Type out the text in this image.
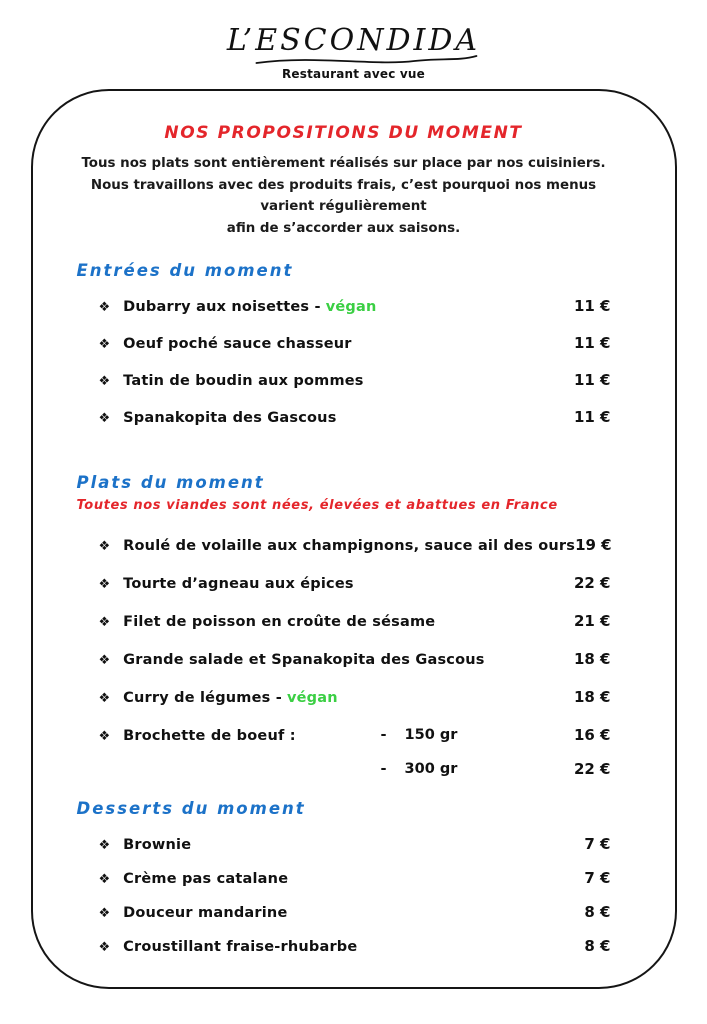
L’ESCONDIDA
Restaurant avec vue
NOS PROPOSITIONS DU MOMENT
Tous nos plats sont entièrement réalisés sur place par nos cuisiniers.
Nous travaillons avec des produits frais, c’est pourquoi nos menus varient régulièrement
afin de s’accorder aux saisons.
Entrées du moment
❖ Dubarry aux noisettes - végan	11 €
❖ Oeuf poché sauce chasseur	11 €
❖ Tatin de boudin aux pommes	11 €
❖ Spanakopita des Gascous	11 €
Plats du moment
Toutes nos viandes sont nées, élevées et abattues en France
❖ Roulé de volaille aux champignons, sauce ail des ours 19 €
❖ Tourte d’agneau aux épices	22 €
❖ Filet de poisson en croûte de sésame	21 €
❖ Grande salade et Spanakopita des Gascous	18 €
❖ Curry de légumes - végan	18 €
❖ Brochette de boeuf :	- 150 gr	16 €
- 300 gr	22 €
Desserts du moment
❖ Brownie	7 €
❖ Crème pas catalane	7 €
❖ Douceur mandarine	8 €
❖ Croustillant fraise-rhubarbe	8 €
